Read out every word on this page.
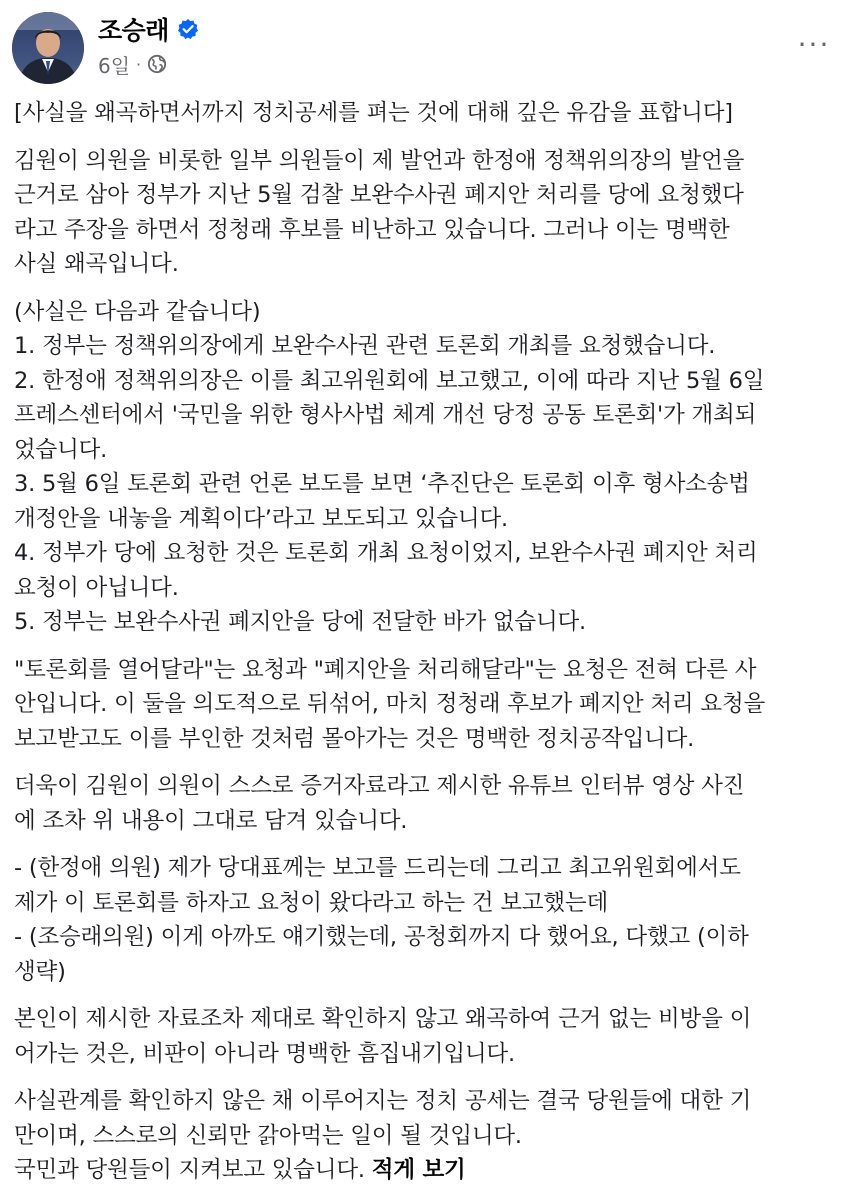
조승래
6일 ·
···

[사실을 왜곡하면서까지 정치공세를 펴는 것에 대해 깊은 유감을 표합니다]

김원이 의원을 비롯한 일부 의원들이 제 발언과 한정애 정책위의장의 발언을
근거로 삼아 정부가 지난 5월 검찰 보완수사권 폐지안 처리를 당에 요청했다
라고 주장을 하면서 정청래 후보를 비난하고 있습니다. 그러나 이는 명백한
사실 왜곡입니다.

(사실은 다음과 같습니다)
1. 정부는 정책위의장에게 보완수사권 관련 토론회 개최를 요청했습니다.
2. 한정애 정책위의장은 이를 최고위원회에 보고했고, 이에 따라 지난 5월 6일
프레스센터에서 '국민을 위한 형사사법 체계 개선 당정 공동 토론회'가 개최되
었습니다.
3. 5월 6일 토론회 관련 언론 보도를 보면 ‘추진단은 토론회 이후 형사소송법
개정안을 내놓을 계획이다’라고 보도되고 있습니다.
4. 정부가 당에 요청한 것은 토론회 개최 요청이었지, 보완수사권 폐지안 처리
요청이 아닙니다.
5. 정부는 보완수사권 폐지안을 당에 전달한 바가 없습니다.

"토론회를 열어달라"는 요청과 "폐지안을 처리해달라"는 요청은 전혀 다른 사
안입니다. 이 둘을 의도적으로 뒤섞어, 마치 정청래 후보가 폐지안 처리 요청을
보고받고도 이를 부인한 것처럼 몰아가는 것은 명백한 정치공작입니다.

더욱이 김원이 의원이 스스로 증거자료라고 제시한 유튜브 인터뷰 영상 사진
에 조차 위 내용이 그대로 담겨 있습니다.

- (한정애 의원) 제가 당대표께는 보고를 드리는데 그리고 최고위원회에서도
제가 이 토론회를 하자고 요청이 왔다라고 하는 건 보고했는데
- (조승래의원) 이게 아까도 얘기했는데, 공청회까지 다 했어요, 다했고 (이하
생략)

본인이 제시한 자료조차 제대로 확인하지 않고 왜곡하여 근거 없는 비방을 이
어가는 것은, 비판이 아니라 명백한 흠집내기입니다.

사실관계를 확인하지 않은 채 이루어지는 정치 공세는 결국 당원들에 대한 기
만이며, 스스로의 신뢰만 갉아먹는 일이 될 것입니다.
국민과 당원들이 지켜보고 있습니다. 적게 보기
